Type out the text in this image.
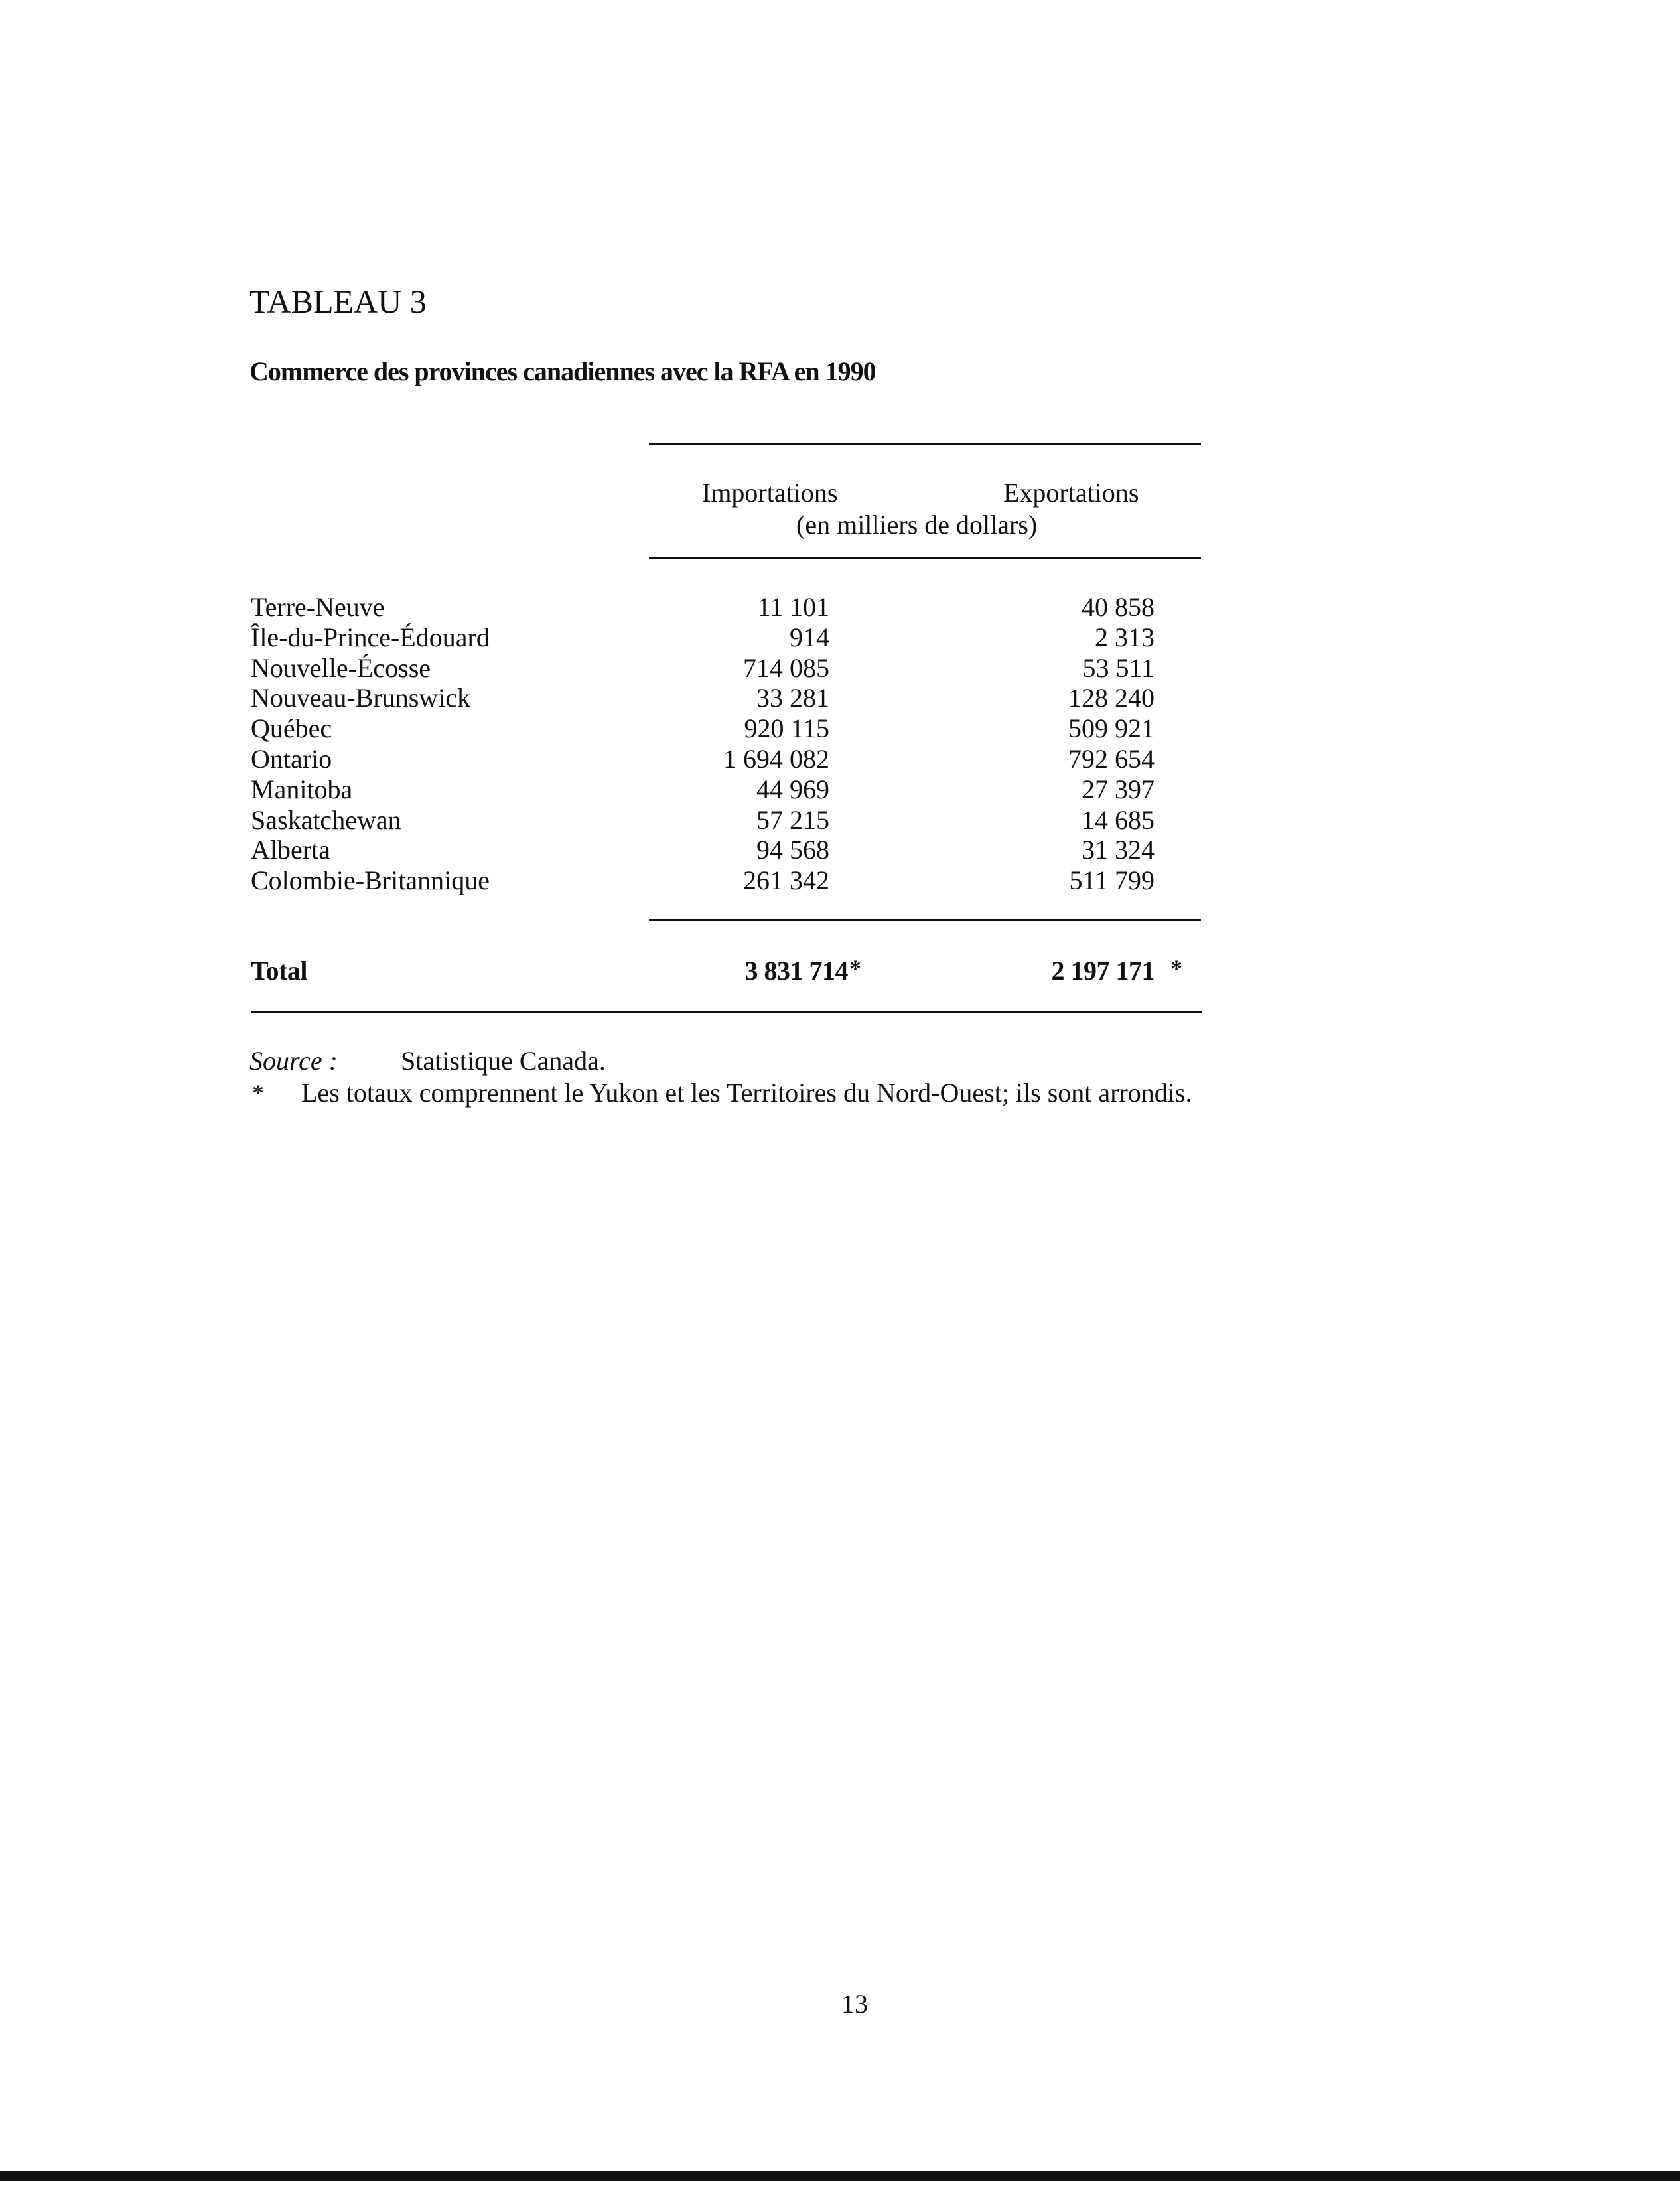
TABLEAU 3
Commerce des provinces canadiennes avec la RFA en 1990
Importations	Exportations
(en milliers de dollars)
Terre-Neuve	11 101	40 858
Île-du-Prince-Édouard	914	2 313
Nouvelle-Écosse	714 085	53 511
Nouveau-Brunswick	33 281	128 240
Québec	920 115	509 921
Ontario	1 694 082	792 654
Manitoba	44 969	27 397
Saskatchewan	57 215	14 685
Alberta	94 568	31 324
Colombie-Britannique	261 342	511 799
Total	3 831 714 *	2 197 171 *
Source : Statistique Canada.
* Les totaux comprennent le Yukon et les Territoires du Nord-Ouest; ils sont arrondis.
13
